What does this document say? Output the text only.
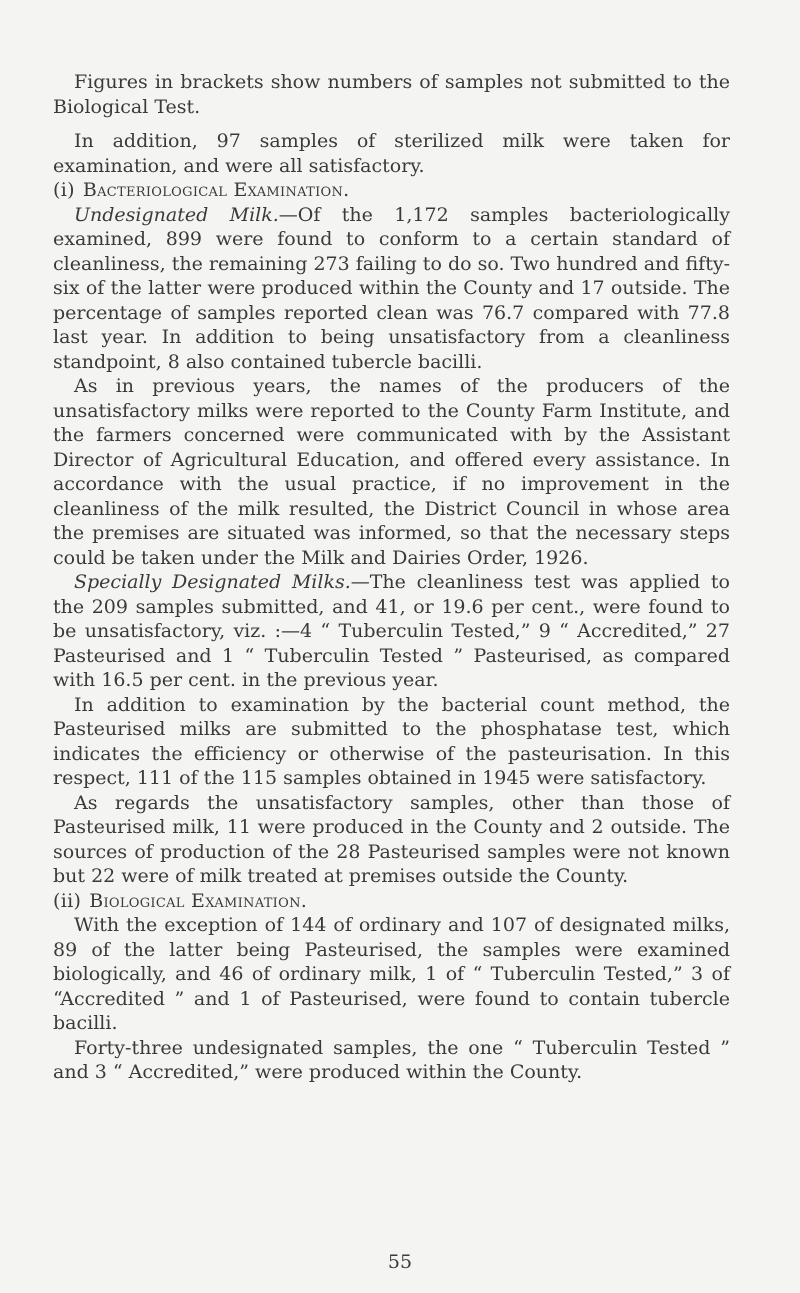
Figures in brackets show numbers of samples not submitted to the Biological Test.

In addition, 97 samples of sterilized milk were taken for examination, and were all satisfactory.

(i) Bacteriological Examination.

Undesignated Milk.—Of the 1,172 samples bacteriologically examined, 899 were found to conform to a certain standard of cleanliness, the remaining 273 failing to do so. Two hundred and fifty-six of the latter were produced within the County and 17 outside. The percentage of samples reported clean was 76.7 compared with 77.8 last year. In addition to being unsatisfactory from a cleanliness standpoint, 8 also contained tubercle bacilli.

As in previous years, the names of the producers of the unsatisfactory milks were reported to the County Farm Institute, and the farmers concerned were communicated with by the Assistant Director of Agricultural Education, and offered every assistance. In accordance with the usual practice, if no improvement in the cleanliness of the milk resulted, the District Council in whose area the premises are situated was informed, so that the necessary steps could be taken under the Milk and Dairies Order, 1926.

Specially Designated Milks.—The cleanliness test was applied to the 209 samples submitted, and 41, or 19.6 per cent., were found to be unsatisfactory, viz. :—4 “ Tuberculin Tested,” 9 “ Accredited,” 27 Pasteurised and 1 “ Tuberculin Tested ” Pasteurised, as compared with 16.5 per cent. in the previous year.

In addition to examination by the bacterial count method, the Pasteurised milks are submitted to the phosphatase test, which indicates the efficiency or otherwise of the pasteurisation. In this respect, 111 of the 115 samples obtained in 1945 were satisfactory.

As regards the unsatisfactory samples, other than those of Pasteurised milk, 11 were produced in the County and 2 outside. The sources of production of the 28 Pasteurised samples were not known but 22 were of milk treated at premises outside the County.

(ii) Biological Examination.

With the exception of 144 of ordinary and 107 of designated milks, 89 of the latter being Pasteurised, the samples were examined biologically, and 46 of ordinary milk, 1 of “ Tuberculin Tested,” 3 of “Accredited ” and 1 of Pasteurised, were found to contain tubercle bacilli.

Forty-three undesignated samples, the one “ Tuberculin Tested ” and 3 “ Accredited,” were produced within the County.

55
